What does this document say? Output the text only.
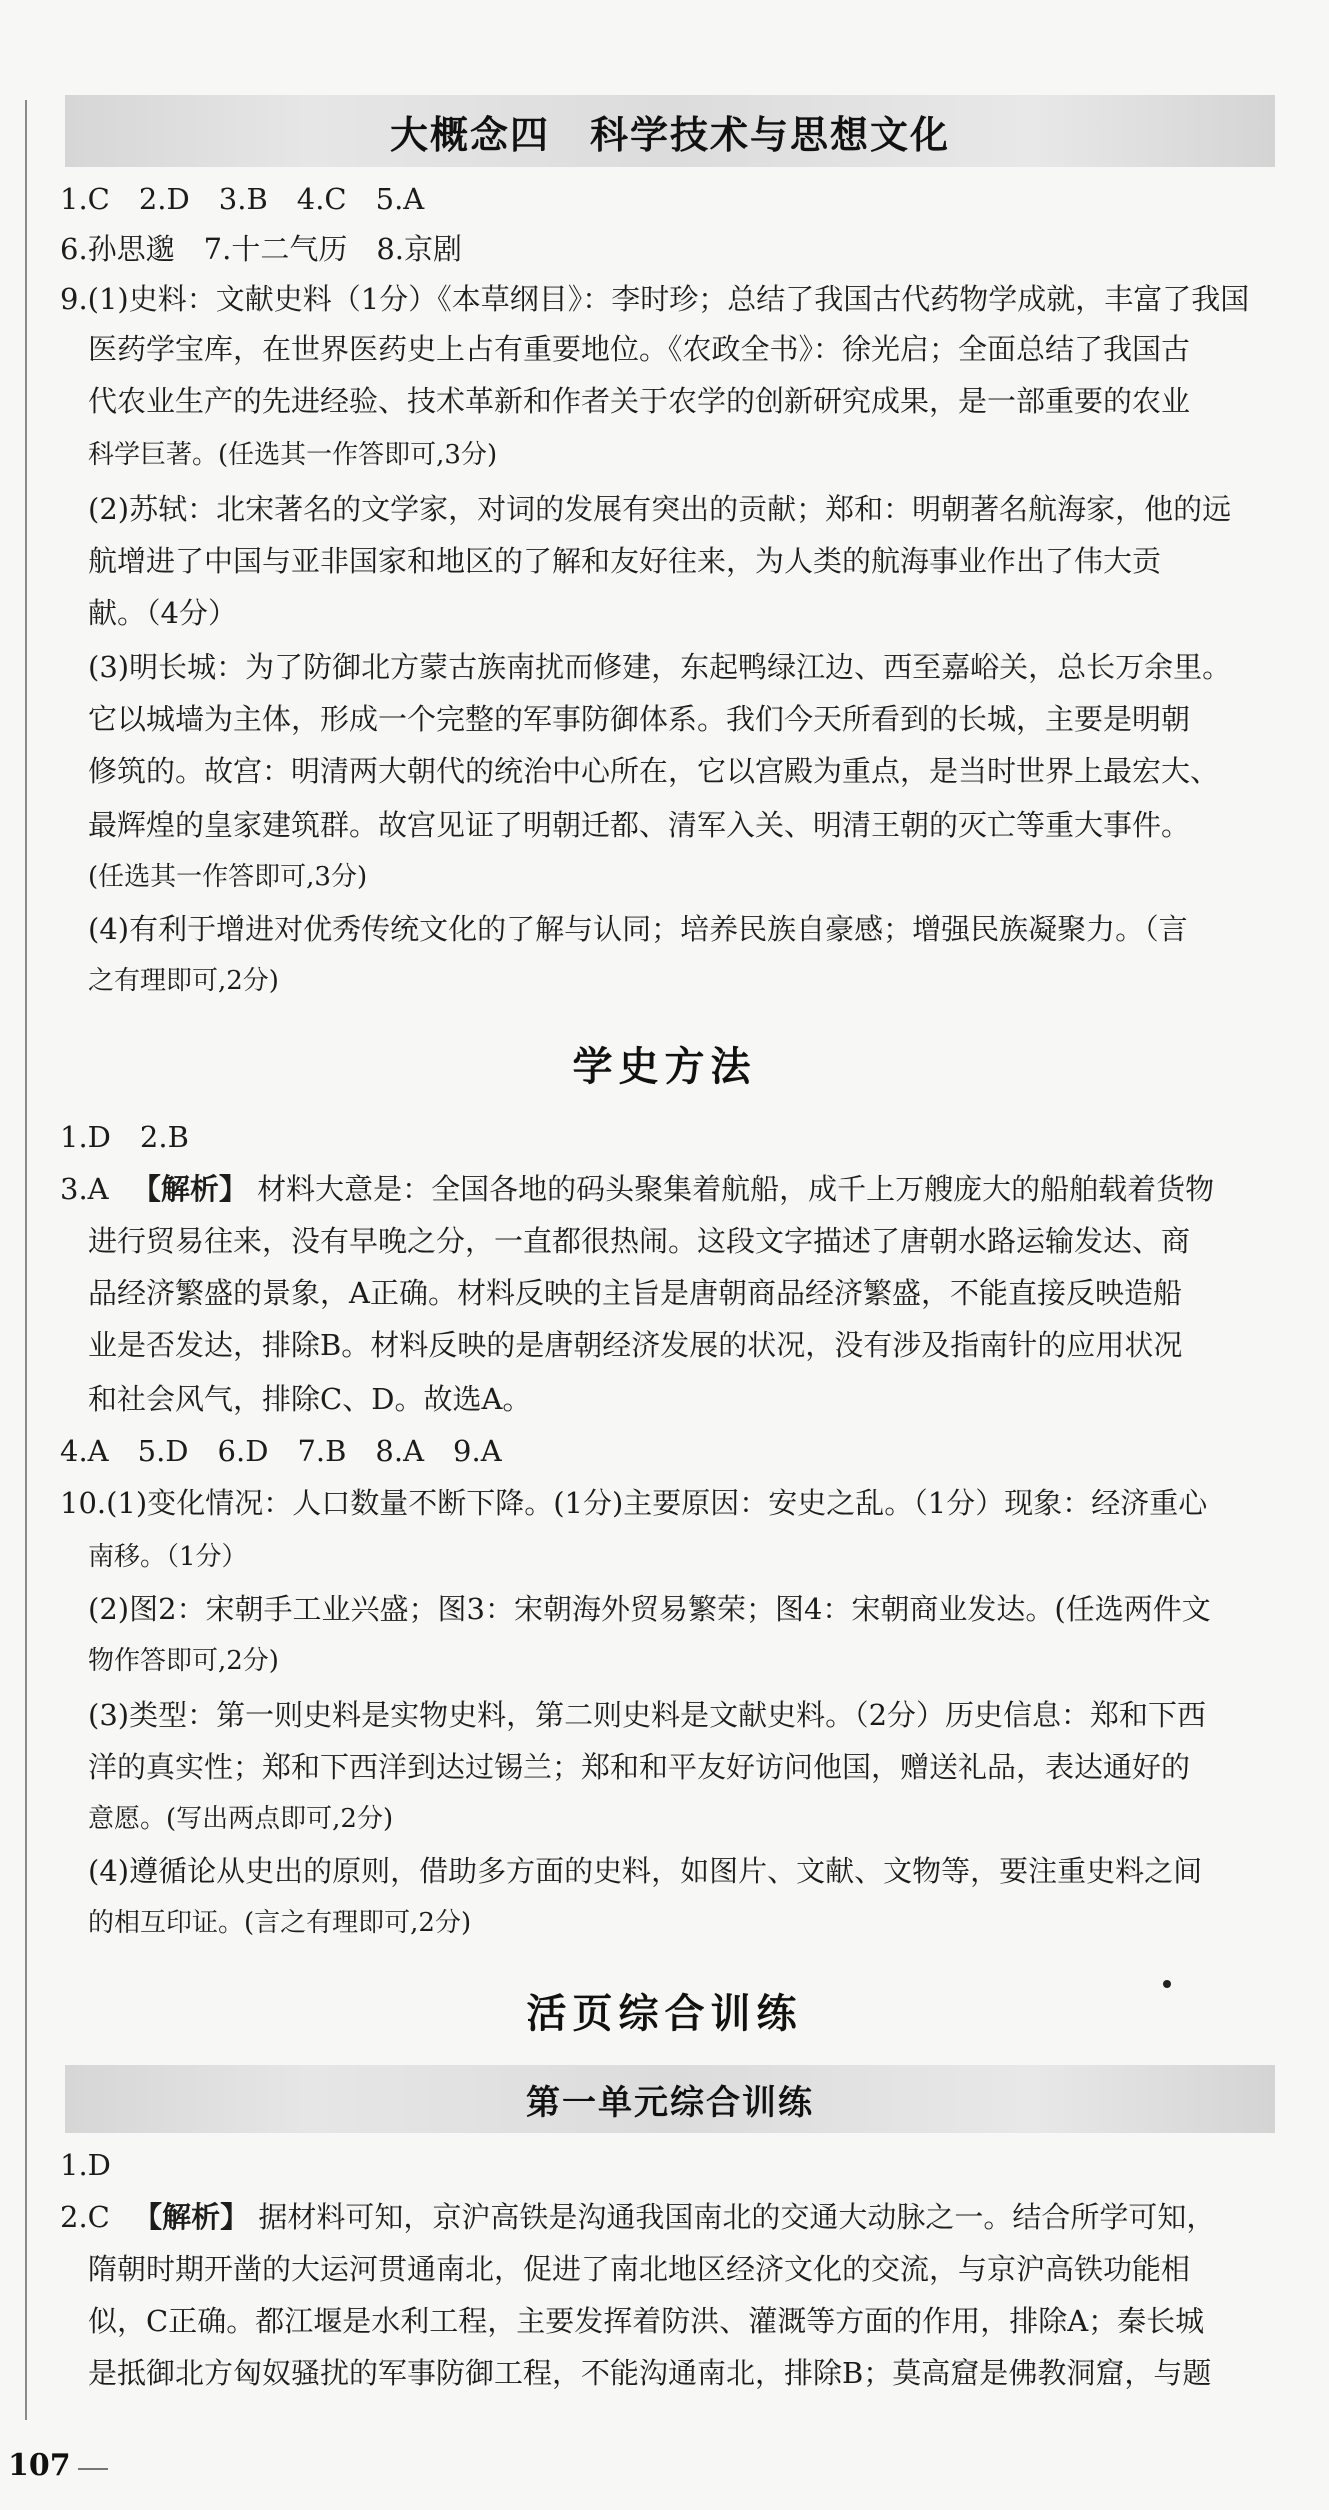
大概念四　科学技术与思想文化
1.C　2.D　3.B　4.C　5.A
6.孙思邈　7.十二气历　8.京剧
9.(1)史料：文献史料（1分）《本草纲目》：李时珍；总结了我国古代药物学成就，丰富了我国
医药学宝库，在世界医药史上占有重要地位。《农政全书》：徐光启；全面总结了我国古
代农业生产的先进经验、技术革新和作者关于农学的创新研究成果，是一部重要的农业
科学巨著。(任选其一作答即可,3分)
(2)苏轼：北宋著名的文学家，对词的发展有突出的贡献；郑和：明朝著名航海家，他的远
航增进了中国与亚非国家和地区的了解和友好往来，为人类的航海事业作出了伟大贡
献。（4分）
(3)明长城：为了防御北方蒙古族南扰而修建，东起鸭绿江边、西至嘉峪关，总长万余里。
它以城墙为主体，形成一个完整的军事防御体系。我们今天所看到的长城，主要是明朝
修筑的。故宫：明清两大朝代的统治中心所在，它以宫殿为重点，是当时世界上最宏大、
最辉煌的皇家建筑群。故宫见证了明朝迁都、清军入关、明清王朝的灭亡等重大事件。
(任选其一作答即可,3分)
(4)有利于增进对优秀传统文化的了解与认同；培养民族自豪感；增强民族凝聚力。（言
之有理即可,2分)
学史方法
1.D　2.B
3.A 【解析】 材料大意是：全国各地的码头聚集着航船，成千上万艘庞大的船舶载着货物
进行贸易往来，没有早晚之分，一直都很热闹。这段文字描述了唐朝水路运输发达、商
品经济繁盛的景象，A正确。材料反映的主旨是唐朝商品经济繁盛，不能直接反映造船
业是否发达，排除B。材料反映的是唐朝经济发展的状况，没有涉及指南针的应用状况
和社会风气，排除C、D。故选A。
4.A　5.D　6.D　7.B　8.A　9.A
10.(1)变化情况：人口数量不断下降。(1分)主要原因：安史之乱。（1分）现象：经济重心
南移。（1分）
(2)图2：宋朝手工业兴盛；图3：宋朝海外贸易繁荣；图4：宋朝商业发达。(任选两件文
物作答即可,2分)
(3)类型：第一则史料是实物史料，第二则史料是文献史料。（2分）历史信息：郑和下西
洋的真实性；郑和下西洋到达过锡兰；郑和和平友好访问他国，赠送礼品，表达通好的
意愿。(写出两点即可,2分)
(4)遵循论从史出的原则，借助多方面的史料，如图片、文献、文物等，要注重史料之间
的相互印证。(言之有理即可,2分)
活页综合训练
第一单元综合训练
1.D
2.C 【解析】 据材料可知，京沪高铁是沟通我国南北的交通大动脉之一。结合所学可知，
隋朝时期开凿的大运河贯通南北，促进了南北地区经济文化的交流，与京沪高铁功能相
似，C正确。都江堰是水利工程，主要发挥着防洪、灌溉等方面的作用，排除A；秦长城
是抵御北方匈奴骚扰的军事防御工程，不能沟通南北，排除B；莫高窟是佛教洞窟，与题
107
